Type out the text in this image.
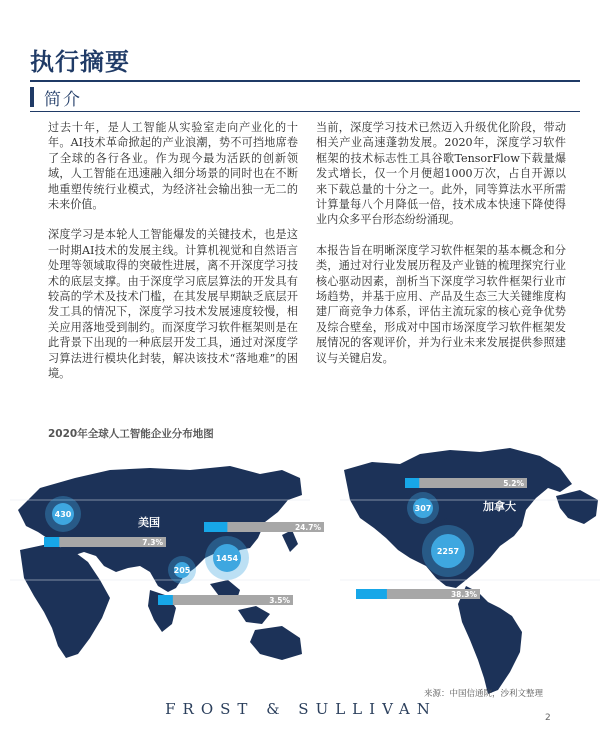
执行摘要
简介

过去十年，是人工智能从实验室走向产业化的十年。AI技术革命掀起的产业浪潮，势不可挡地席卷了全球的各行各业。作为现今最为活跃的创新领域，人工智能在迅速融入细分场景的同时也在不断地重塑传统行业模式，为经济社会输出独一无二的未来价值。

深度学习是本轮人工智能爆发的关键技术，也是这一时期AI技术的发展主线。计算机视觉和自然语言处理等领域取得的突破性进展，离不开深度学习技术的底层支撑。由于深度学习底层算法的开发具有较高的学术及技术门槛，在其发展早期缺乏底层开发工具的情况下，深度学习技术发展速度较慢，相关应用落地受到制约。而深度学习软件框架则是在此背景下出现的一种底层开发工具，通过对深度学习算法进行模块化封装，解决该技术“落地难”的困境。

当前，深度学习技术已然迈入升级优化阶段，带动相关产业高速蓬勃发展。2020年，深度学习软件框架的技术标志性工具谷歌TensorFlow下载量爆发式增长，仅一个月便超1000万次，占自开源以来下载总量的十分之一。此外，同等算法水平所需计算量每八个月降低一倍，技术成本快速下降使得业内众多平台形态纷纷涌现。

本报告旨在明晰深度学习软件框架的基本概念和分类，通过对行业发展历程及产业链的梳理探究行业核心驱动因素，剖析当下深度学习软件框架行业市场趋势，并基于应用、产品及生态三大关键维度构建厂商竞争力体系，评估主流玩家的核心竞争优势及综合壁垒，形成对中国市场深度学习软件框架发展情况的客观评价，并为行业未来发展提供参照建议与关键启发。

2020年全球人工智能企业分布地图
7.3%
24.7%
3.5%
5.2%
38.3%
430
1454
205
307
2257
美国
中国
印度
美国
加拿大
来源：中国信通院，沙利文整理
FROST & SULLIVAN	2
